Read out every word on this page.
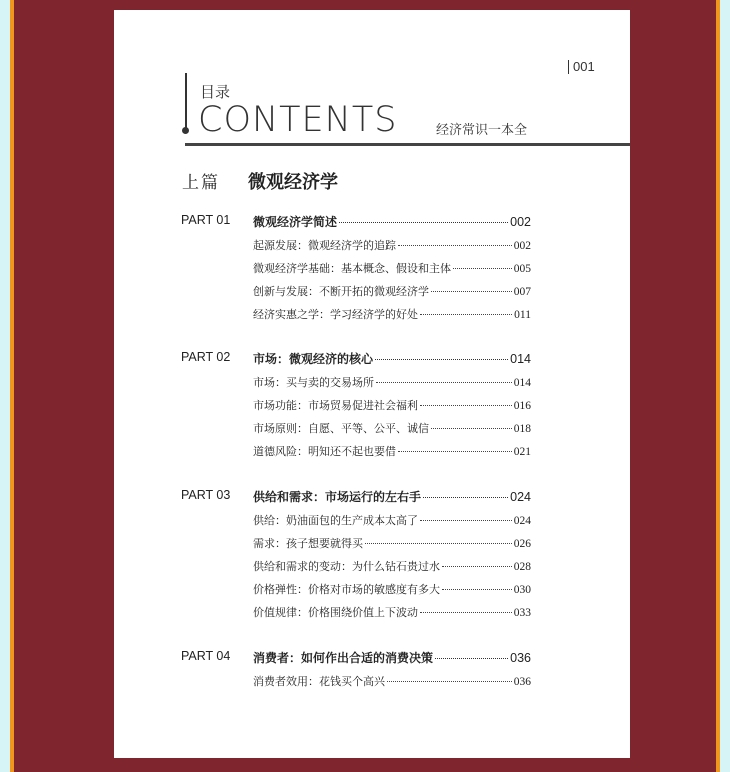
001
目录
CONTENTS	经济常识一本全
上篇 微观经济学
PART 01 微观经济学简述	002
起源发展：微观经济学的追踪	002
微观经济学基础：基本概念、假设和主体	005
创新与发展：不断开拓的微观经济学	007
经济实惠之学：学习经济学的好处	011
PART 02 市场：微观经济的核心	014
市场：买与卖的交易场所	014
市场功能：市场贸易促进社会福利	016
市场原则：自愿、平等、公平、诚信	018
道德风险：明知还不起也要借	021
PART 03 供给和需求：市场运行的左右手	024
供给：奶油面包的生产成本太高了	024
需求：孩子想要就得买	026
供给和需求的变动：为什么钻石贵过水	028
价格弹性：价格对市场的敏感度有多大	030
价值规律：价格围绕价值上下波动	033
PART 04 消费者：如何作出合适的消费决策	036
消费者效用：花钱买个高兴	036
